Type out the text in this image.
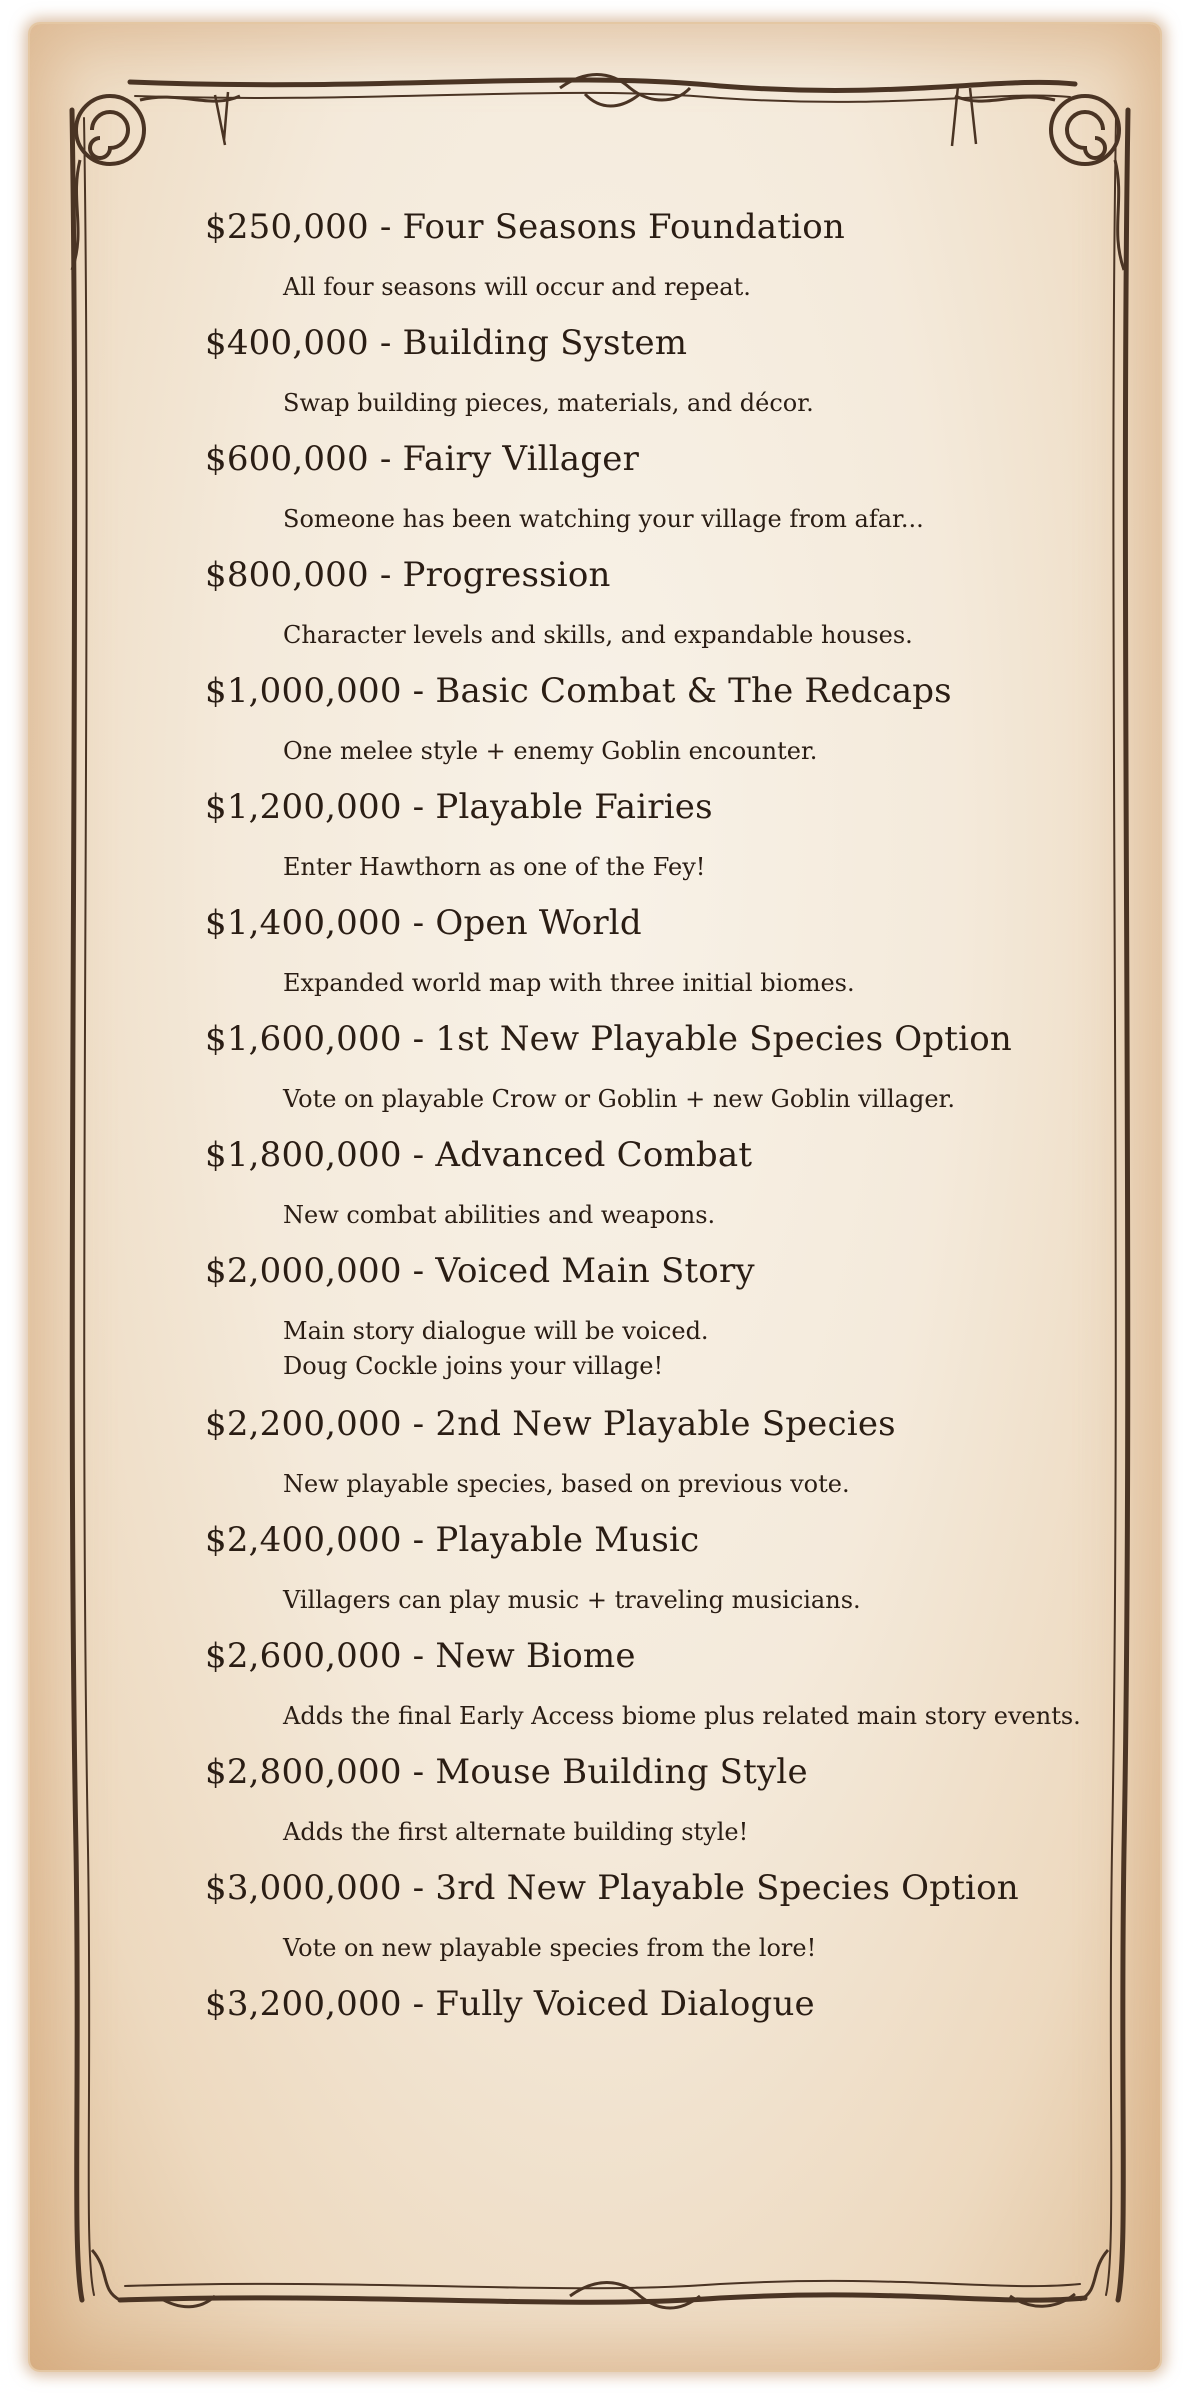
$250,000 - Four Seasons Foundation
All four seasons will occur and repeat.
$400,000 - Building System
Swap building pieces, materials, and décor.
$600,000 - Fairy Villager
Someone has been watching your village from afar...
$800,000 - Progression
Character levels and skills, and expandable houses.
$1,000,000 - Basic Combat & The Redcaps
One melee style + enemy Goblin encounter.
$1,200,000 - Playable Fairies
Enter Hawthorn as one of the Fey!
$1,400,000 - Open World
Expanded world map with three initial biomes.
$1,600,000 - 1st New Playable Species Option
Vote on playable Crow or Goblin + new Goblin villager.
$1,800,000 - Advanced Combat
New combat abilities and weapons.
$2,000,000 - Voiced Main Story
Main story dialogue will be voiced.
Doug Cockle joins your village!
$2,200,000 - 2nd New Playable Species
New playable species, based on previous vote.
$2,400,000 - Playable Music
Villagers can play music + traveling musicians.
$2,600,000 - New Biome
Adds the final Early Access biome plus related main story events.
$2,800,000 - Mouse Building Style
Adds the first alternate building style!
$3,000,000 - 3rd New Playable Species Option
Vote on new playable species from the lore!
$3,200,000 - Fully Voiced Dialogue
